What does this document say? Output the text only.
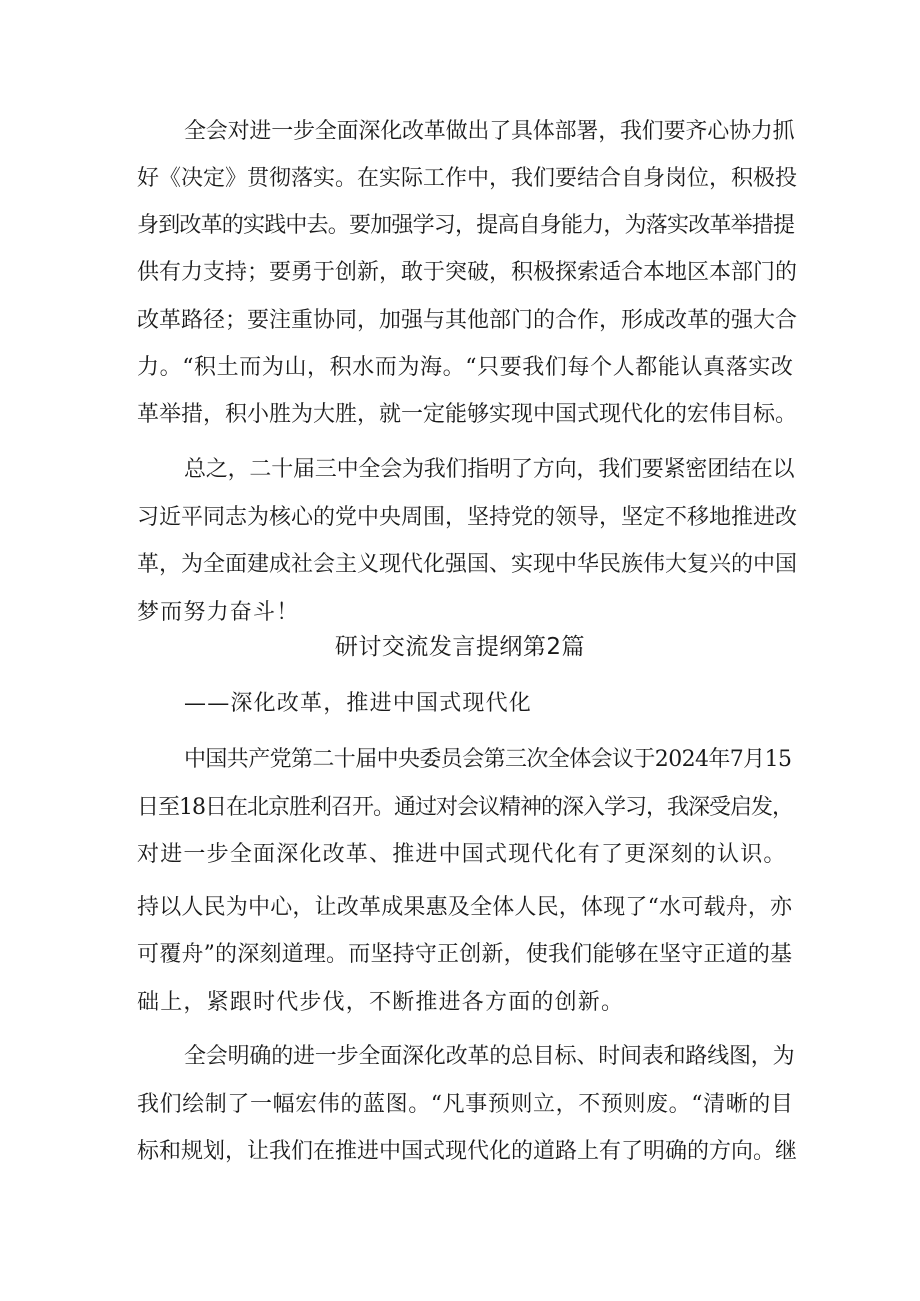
全会对进一步全面深化改革做出了具体部署，我们要齐心协力抓
好《决定》贯彻落实。在实际工作中，我们要结合自身岗位，积极投
身到改革的实践中去。要加强学习，提高自身能力，为落实改革举措提
供有力支持；要勇于创新，敢于突破，积极探索适合本地区本部门的
改革路径；要注重协同，加强与其他部门的合作，形成改革的强大合
力。“积土而为山，积水而为海。“只要我们每个人都能认真落实改
革举措，积小胜为大胜，就一定能够实现中国式现代化的宏伟目标。
总之，二十届三中全会为我们指明了方向，我们要紧密团结在以
习近平同志为核心的党中央周围，坚持党的领导，坚定不移地推进改
革，为全面建成社会主义现代化强国、实现中华民族伟大复兴的中国
梦而努力奋斗！
研讨交流发言提纲第2篇
——深化改革，推进中国式现代化
中国共产党第二十届中央委员会第三次全体会议于2024年7月15
日至18日在北京胜利召开。通过对会议精神的深入学习，我深受启发，
对进一步全面深化改革、推进中国式现代化有了更深刻的认识。
持以人民为中心，让改革成果惠及全体人民，体现了“水可载舟，亦
可覆舟”的深刻道理。而坚持守正创新，使我们能够在坚守正道的基
础上，紧跟时代步伐，不断推进各方面的创新。
全会明确的进一步全面深化改革的总目标、时间表和路线图，为
我们绘制了一幅宏伟的蓝图。“凡事预则立，不预则废。“清晰的目
标和规划，让我们在推进中国式现代化的道路上有了明确的方向。继
